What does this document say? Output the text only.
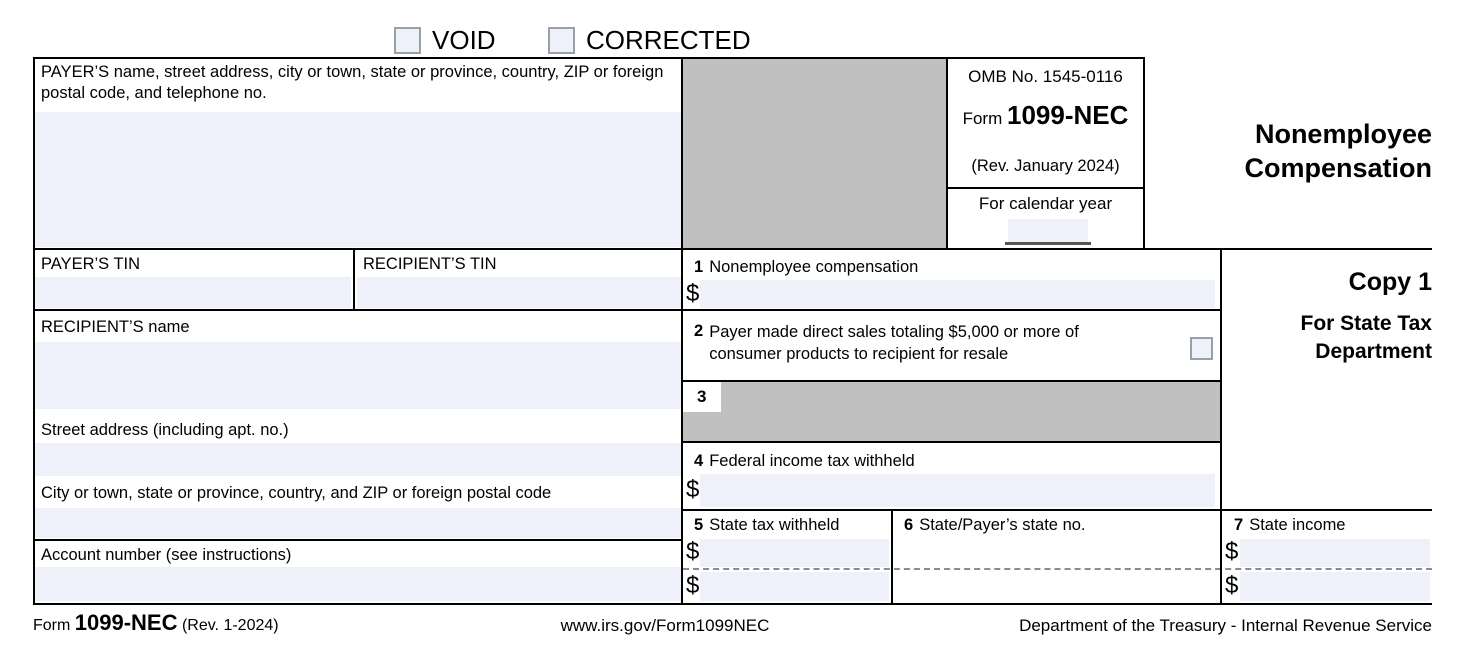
VOID	CORRECTED
PAYER’S name, street address, city or town, state or province, country, ZIP or foreign postal code, and telephone no.
OMB No. 1545-0116
Form 1099-NEC
(Rev. January 2024)
For calendar year
Nonemployee
Compensation
PAYER’S TIN	RECIPIENT’S TIN
RECIPIENT’S name
Street address (including apt. no.)
City or town, state or province, country, and ZIP or foreign postal code
Account number (see instructions)
1 Nonemployee compensation
$
2 Payer made direct sales totaling $5,000 or more of
consumer products to recipient for resale
3
4 Federal income tax withheld
$
5 State tax withheld
$
$
6 State/Payer’s state no.	7 State income
$
$
Copy 1
For State Tax
Department
Form 1099-NEC (Rev. 1-2024)	www.irs.gov/Form1099NEC	Department of the Treasury - Internal Revenue Service
